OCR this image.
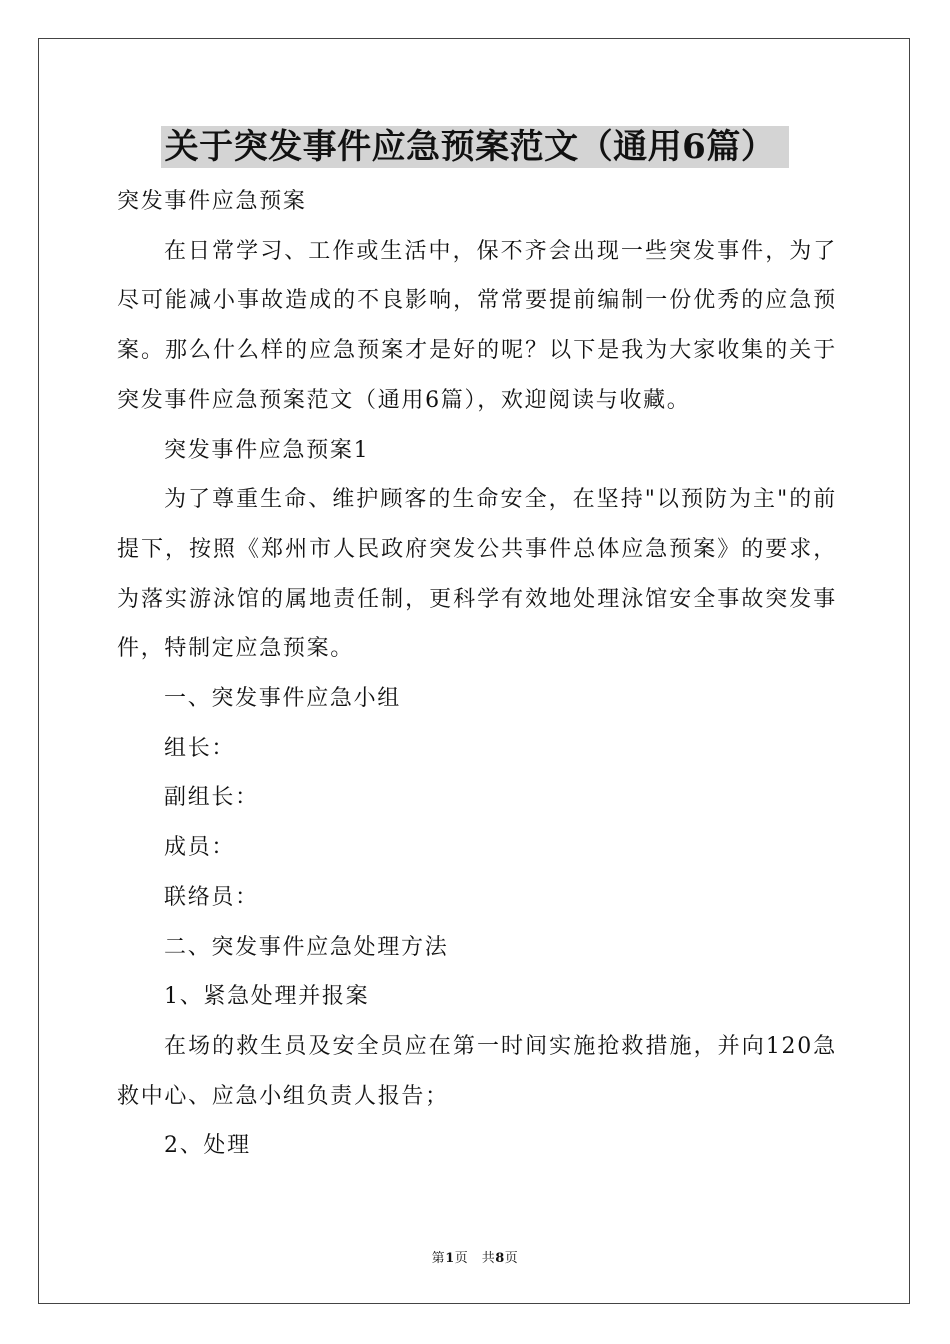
关于突发事件应急预案范文（通用6篇）

突发事件应急预案

在日常学习、工作或生活中，保不齐会出现一些突发事件，为了尽可能减小事故造成的不良影响，常常要提前编制一份优秀的应急预案。那么什么样的应急预案才是好的呢？以下是我为大家收集的关于突发事件应急预案范文（通用6篇），欢迎阅读与收藏。

突发事件应急预案1

为了尊重生命、维护顾客的生命安全，在坚持"以预防为主"的前提下，按照《郑州市人民政府突发公共事件总体应急预案》的要求，为落实游泳馆的属地责任制，更科学有效地处理泳馆安全事故突发事件，特制定应急预案。

一、突发事件应急小组

组长：

副组长：

成员：

联络员：

二、突发事件应急处理方法

1、紧急处理并报案

在场的救生员及安全员应在第一时间实施抢救措施，并向120急救中心、应急小组负责人报告；

2、处理

第1页　共8页
